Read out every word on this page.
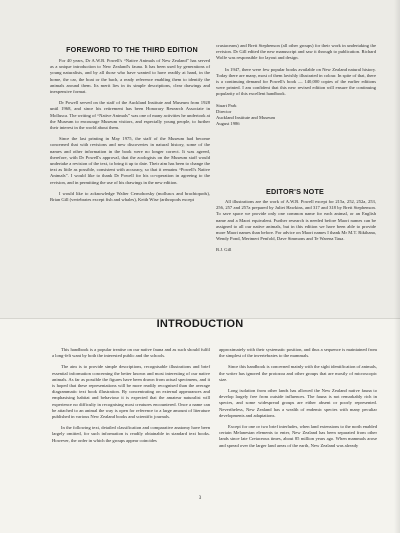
FOREWORD TO THE THIRD EDITION

For 40 years, Dr A.W.B. Powell's “Native Animals of New Zealand” has served as a unique introduction to New Zealand's fauna. It has been used by generations of young naturalists, and by all those who have wanted to have readily at hand, in the home, the car, the boat or the bach, a ready reference enabling them to identify the animals around them. Its merit lies in its simple descriptions, clear drawings and inexpensive format.

Dr Powell served on the staff of the Auckland Institute and Museum from 1928 until 1968, and since his retirement has been Honorary Research Associate in Mollusca. The writing of “Native Animals” was one of many activities he undertook at the Museum to encourage Museum visitors, and especially young people, to further their interest in the world about them.

Since the last printing in May 1975, the staff of the Museum had become concerned that with revisions and new discoveries in natural history, some of the names and other information in the book were no longer correct. It was agreed, therefore, with Dr Powell's approval, that the zoologists on the Museum staff would undertake a revision of the text, to bring it up to date. Their aim has been to change the text as little as possible, consistent with accuracy, so that it remains “Powell's Native Animals”. I would like to thank Dr Powell for his co-operation in agreeing to the revision, and in permitting the use of his drawings in the new edition.

I would like to acknowledge Walter Cernohorsky (molluscs and brachiopods), Brian Gill (vertebrates except fish and whales), Keith Wise (arthropods except

crustaceans) and Brett Stephenson (all other groups) for their work in undertaking the revision. Dr Gill edited the new manuscript and saw it through to publication. Richard Wolfe was responsible for layout and design.

In 1947, there were few popular books available on New Zealand natural history. Today there are many, most of them lavishly illustrated in colour. In spite of that, there is a continuing demand for Powell's book — 140,000 copies of the earlier editions were printed. I am confident that this new revised edition will ensure the continuing popularity of this excellent handbook.

Stuart Park
Director
Auckland Institute and Museum
August 1986
EDITOR'S NOTE

All illustrations are the work of A.W.B. Powell except for 215a, 252, 252a, 253, 256, 257 and 257a prepared by Juliet Hawkins, and 317 and 318 by Brett Stephenson. To save space we provide only one common name for each animal, or an English name and a Maori equivalent. Further research is needed before Maori names can be assigned to all our native animals, but in this edition we have been able to provide more Maori names than before. For advice on Maori names I thank Mr M.T. Rikihana, Wendy Pond, Merimeri Penfold, Dave Simmons and Te Warena Taua.

B.J. Gill

INTRODUCTION

This handbook is a popular treatise on our native fauna and as such should fulfil a long-felt want by both the interested public and the schools.

The aim is to provide simple descriptions, recognisable illustrations and brief essential information concerning the better known and most interesting of our native animals. As far as possible the figures have been drawn from actual specimens, and it is hoped that these representations will be more readily recognised than the average diagrammatic text book illustration. By concentrating on external appearances and emphasising habitat and behaviour it is expected that the amateur naturalist will experience no difficulty in recognising most creatures encountered. Once a name can be attached to an animal the way is open for reference to a large amount of literature published in various New Zealand books and scientific journals.

In the following text, detailed classification and comparative anatomy have been largely omitted, for such information is readily obtainable in standard text books. However, the order in which the groups appear coincides

approximately with their systematic position, and thus a sequence is maintained from the simplest of the invertebrates to the mammals.

Since this handbook is concerned mainly with the sight identification of animals, the writer has ignored the protozoa and other groups that are mostly of microscopic size.

Long isolation from other lands has allowed the New Zealand native fauna to develop largely free from outside influences. The fauna is not remarkably rich in species, and some widespread groups are either absent or poorly represented. Nevertheless, New Zealand has a wealth of endemic species with many peculiar developments and adaptations.

Except for one or two brief interludes, when land extensions to the north enabled certain Melanesian elements to enter, New Zealand has been separated from other lands since late Cretaceous times, about 85 million years ago. When mammals arose and spread over the larger land areas of the earth, New Zealand was already

3
